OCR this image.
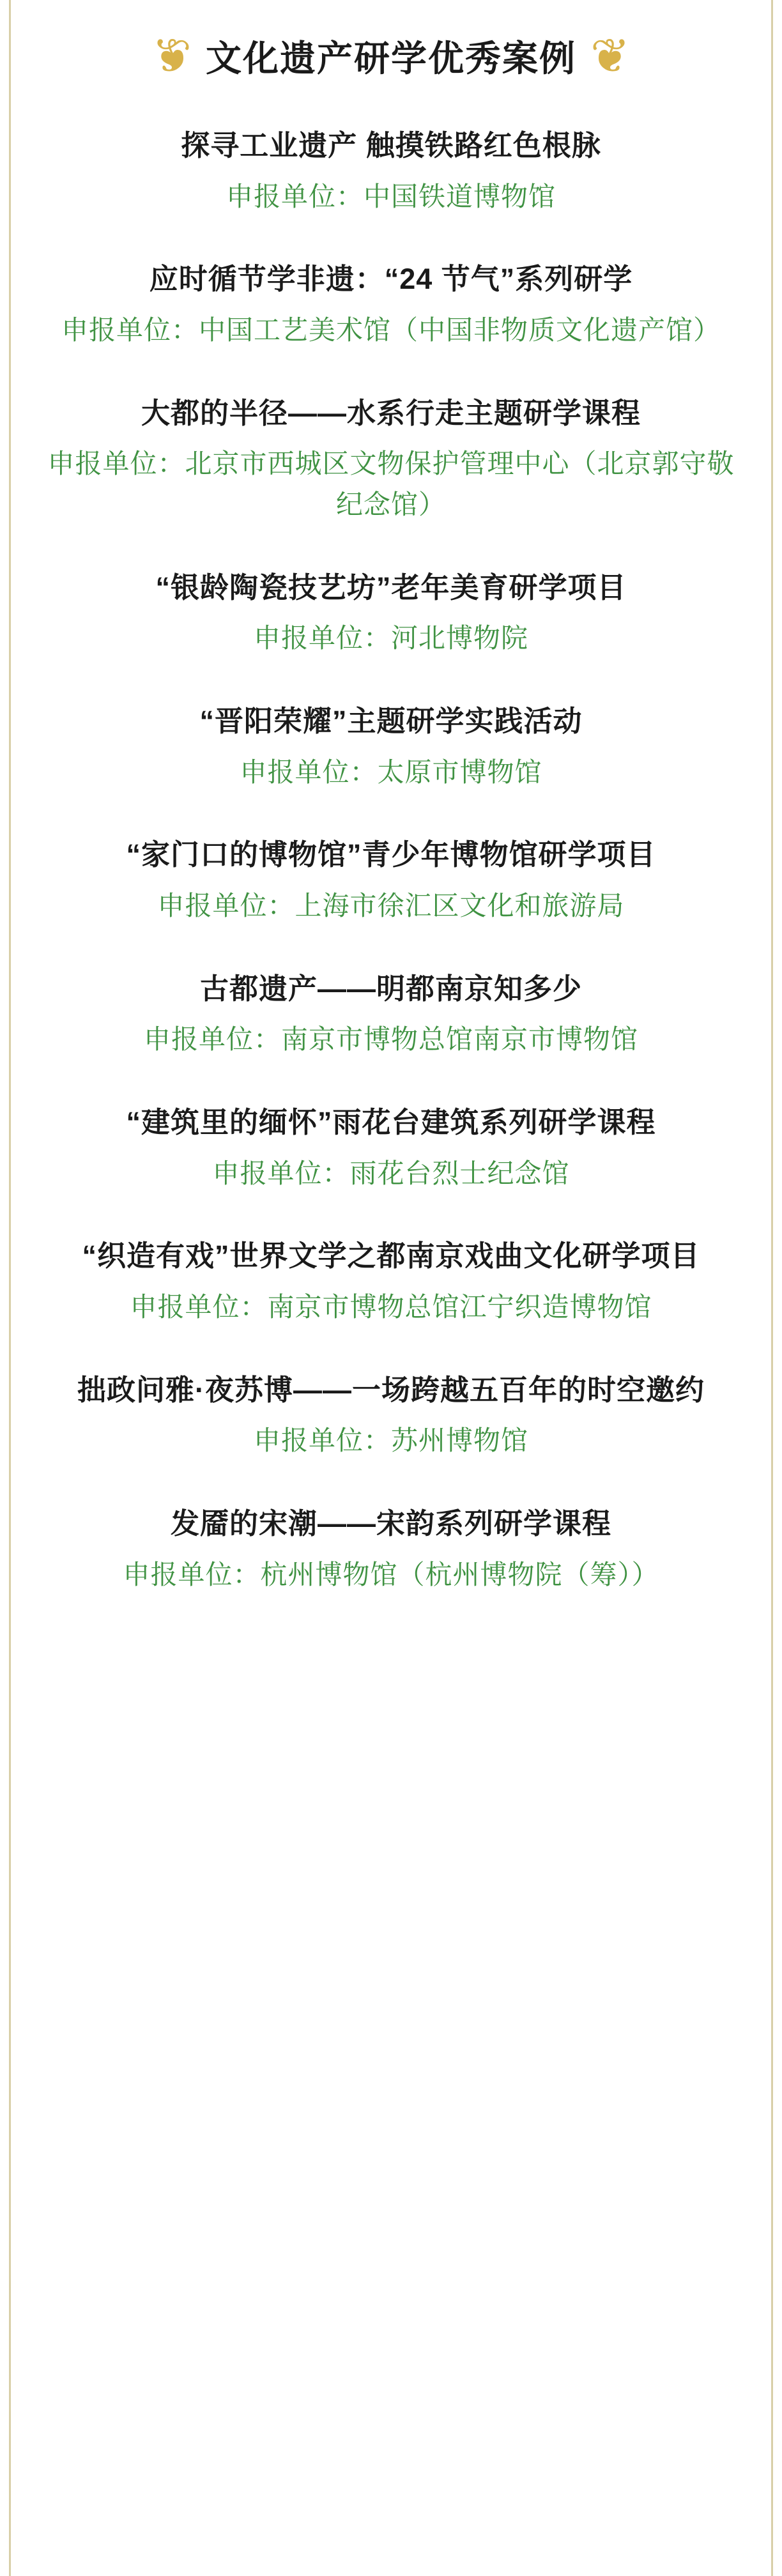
❦ 文化遗产研学优秀案例 ❦
探寻工业遗产 触摸铁路红色根脉
申报单位：中国铁道博物馆
应时循节学非遗：“24 节气”系列研学
申报单位：中国工艺美术馆（中国非物质文化遗产馆）
大都的半径——水系行走主题研学课程
申报单位：北京市西城区文物保护管理中心（北京郭守敬纪念馆）
“银龄陶瓷技艺坊”老年美育研学项目
申报单位：河北博物院
“晋阳荣耀”主题研学实践活动
申报单位：太原市博物馆
“家门口的博物馆”青少年博物馆研学项目
申报单位：上海市徐汇区文化和旅游局
古都遗产——明都南京知多少
申报单位：南京市博物总馆南京市博物馆
“建筑里的缅怀”雨花台建筑系列研学课程
申报单位：雨花台烈士纪念馆
“织造有戏”世界文学之都南京戏曲文化研学项目
申报单位：南京市博物总馆江宁织造博物馆
拙政问雅·夜苏博——一场跨越五百年的时空邀约
申报单位：苏州博物馆
发靥的宋潮——宋韵系列研学课程
申报单位：杭州博物馆（杭州博物院（筹））
